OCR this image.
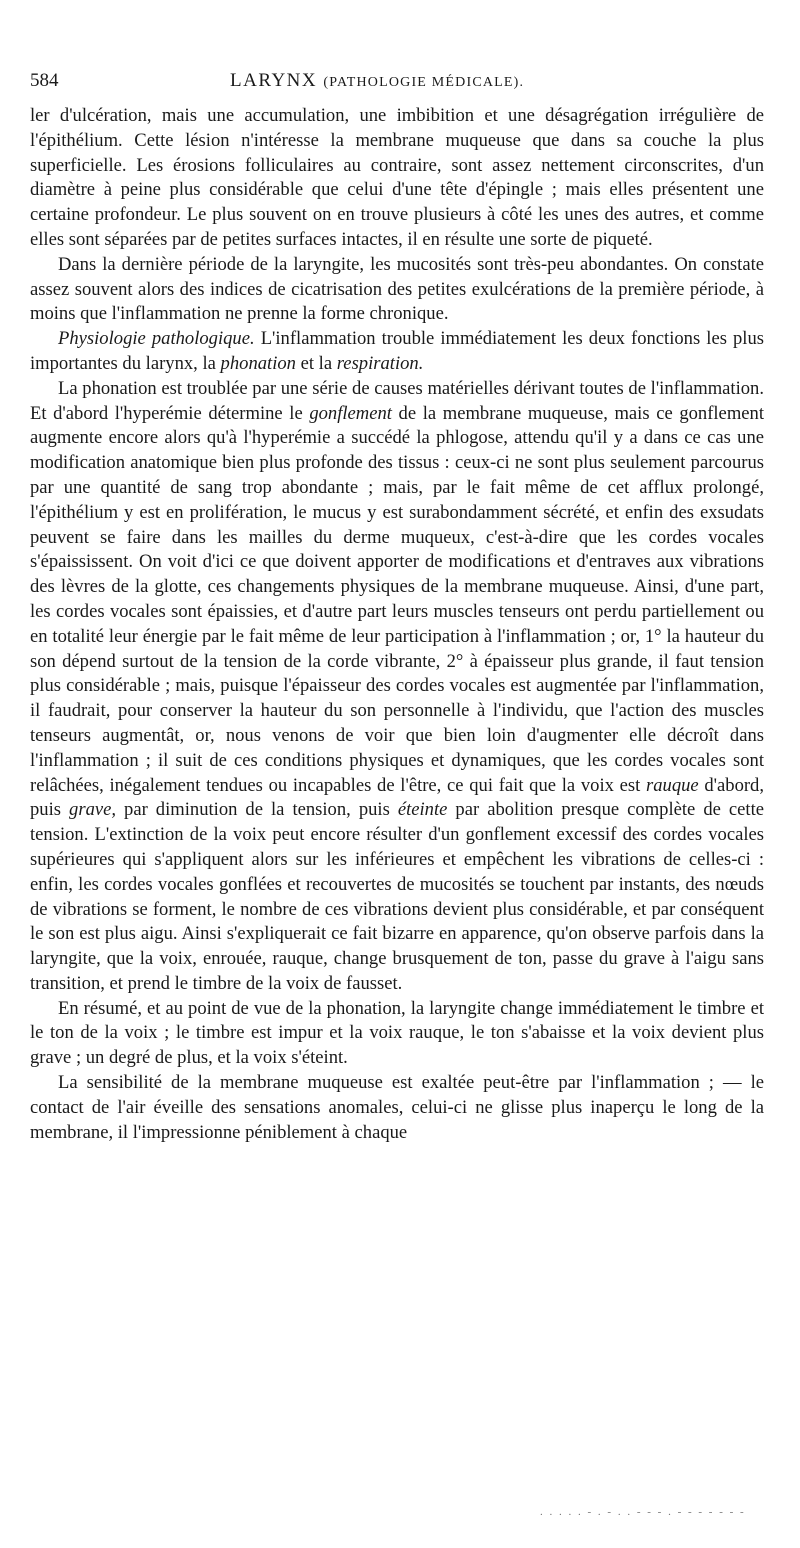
584	LARYNX (PATHOLOGIE MÉDICALE).

ler d'ulcération, mais une accumulation, une imbibition et une désagrégation irrégulière de l'épithélium. Cette lésion n'intéresse la membrane muqueuse que dans sa couche la plus superficielle. Les érosions folliculaires au contraire, sont assez nettement circonscrites, d'un diamètre à peine plus considérable que celui d'une tête d'épingle ; mais elles présentent une certaine profondeur. Le plus souvent on en trouve plusieurs à côté les unes des autres, et comme elles sont séparées par de petites surfaces intactes, il en résulte une sorte de piqueté.

Dans la dernière période de la laryngite, les mucosités sont très-peu abondantes. On constate assez souvent alors des indices de cicatrisation des petites exulcérations de la première période, à moins que l'inflammation ne prenne la forme chronique.

Physiologie pathologique. L'inflammation trouble immédiatement les deux fonctions les plus importantes du larynx, la phonation et la respiration.

La phonation est troublée par une série de causes matérielles dérivant toutes de l'inflammation. Et d'abord l'hyperémie détermine le gonflement de la membrane muqueuse, mais ce gonflement augmente encore alors qu'à l'hyperémie a succédé la phlogose, attendu qu'il y a dans ce cas une modification anatomique bien plus profonde des tissus : ceux-ci ne sont plus seulement parcourus par une quantité de sang trop abondante ; mais, par le fait même de cet afflux prolongé, l'épithélium y est en prolifération, le mucus y est surabondamment sécrété, et enfin des exsudats peuvent se faire dans les mailles du derme muqueux, c'est-à-dire que les cordes vocales s'épaississent. On voit d'ici ce que doivent apporter de modifications et d'entraves aux vibrations des lèvres de la glotte, ces changements physiques de la membrane muqueuse. Ainsi, d'une part, les cordes vocales sont épaissies, et d'autre part leurs muscles tenseurs ont perdu partiellement ou en totalité leur énergie par le fait même de leur participation à l'inflammation ; or, 1° la hauteur du son dépend surtout de la tension de la corde vibrante, 2° à épaisseur plus grande, il faut tension plus considérable ; mais, puisque l'épaisseur des cordes vocales est augmentée par l'inflammation, il faudrait, pour conserver la hauteur du son personnelle à l'individu, que l'action des muscles tenseurs augmentât, or, nous venons de voir que bien loin d'augmenter elle décroît dans l'inflammation ; il suit de ces conditions physiques et dynamiques, que les cordes vocales sont relâchées, inégalement tendues ou incapables de l'être, ce qui fait que la voix est rauque d'abord, puis grave, par diminution de la tension, puis éteinte par abolition presque complète de cette tension. L'extinction de la voix peut encore résulter d'un gonflement excessif des cordes vocales supérieures qui s'appliquent alors sur les inférieures et empêchent les vibrations de celles-ci : enfin, les cordes vocales gonflées et recouvertes de mucosités se touchent par instants, des nœuds de vibrations se forment, le nombre de ces vibrations devient plus considérable, et par conséquent le son est plus aigu. Ainsi s'expliquerait ce fait bizarre en apparence, qu'on observe parfois dans la laryngite, que la voix, enrouée, rauque, change brusquement de ton, passe du grave à l'aigu sans transition, et prend le timbre de la voix de fausset.

En résumé, et au point de vue de la phonation, la laryngite change immédiatement le timbre et le ton de la voix ; le timbre est impur et la voix rauque, le ton s'abaisse et la voix devient plus grave ; un degré de plus, et la voix s'éteint.

La sensibilité de la membrane muqueuse est exaltée peut-être par l'inflammation ; — le contact de l'air éveille des sensations anomales, celui-ci ne glisse plus inaperçu le long de la membrane, il l'impressionne péniblement à chaque

. . . . . - . - . . - - - . - - - - - - -
